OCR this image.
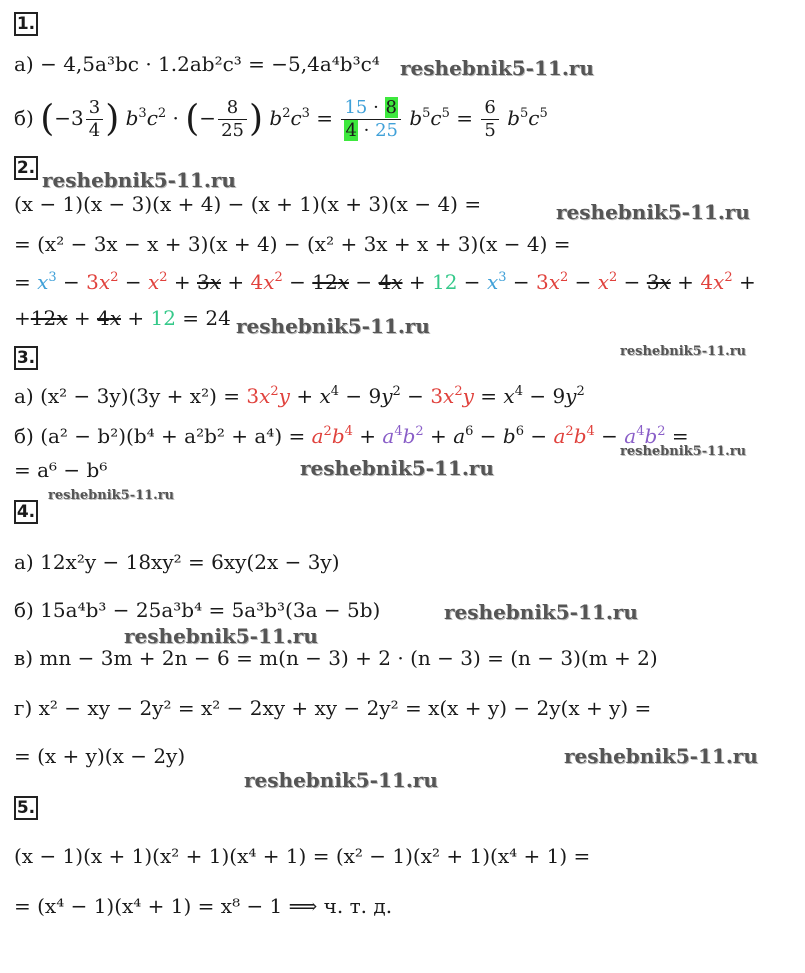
1.
а) − 4,5a³bc · 1.2ab²c³ = −5,4a⁴b³c⁴
б) ($-3 \frac{3}{4}$ ) $b^3c^2$ · (− $\frac{8}{25}$ ) $b^2c^3 = \frac{15 \cdot 8}{4 \cdot 25} b^5c^5 = \frac{6}{5} b^5c^5$
2.
(x − 1)(x − 3)(x + 4) − (x + 1)(x + 3)(x − 4) =
= (x² − 3x − x + 3)(x + 4) − (x² + 3x + x + 3)(x − 4) =
= $x^3 - 3x^2 - x^2 + 3x + 4x^2 - 12x - 4x + 12 - x^3 - 3x^2 - x^2 - 3x + 4x^2$ +
+12x + 4x + 12 = 24
3.
а) $(x^2 - 3y)(3y + x^2) = 3x^2y + x^4 - 9y^2 - 3x^2y = x^4 - 9y^2$
б) $(a^2 - b^2)(b^4 + a^2b^2 + a^4) = a^2b^4 + a^4b^2 + a^6 - b^6 - a^2b^4 - a^4b^2$ =
= a⁶ − b⁶
4.
а) 12x²y − 18xy² = 6xy(2x − 3y)
б) 15a⁴b³ − 25a³b⁴ = 5a³b³(3a − 5b)
в) mn − 3m + 2n − 6 = m(n − 3) + 2 · (n − 3) = (n − 3)(m + 2)
г) x² − xy − 2y² = x² − 2xy + xy − 2y² = x(x + y) − 2y(x + y) =
= (x + y)(x − 2y)
5.
(x − 1)(x + 1)(x² + 1)(x⁴ + 1) = (x² − 1)(x² + 1)(x⁴ + 1) =
= (x⁴ − 1)(x⁴ + 1) = x⁸ − 1 ⟹ ч. т. д.
reshebnik5-11.ru
reshebnik5-11.ru
reshebnik5-11.ru
reshebnik5-11.ru
reshebnik5-11.ru
reshebnik5-11.ru
reshebnik5-11.ru
reshebnik5-11.ru
reshebnik5-11.ru
reshebnik5-11.ru
reshebnik5-11.ru
reshebnik5-11.ru
